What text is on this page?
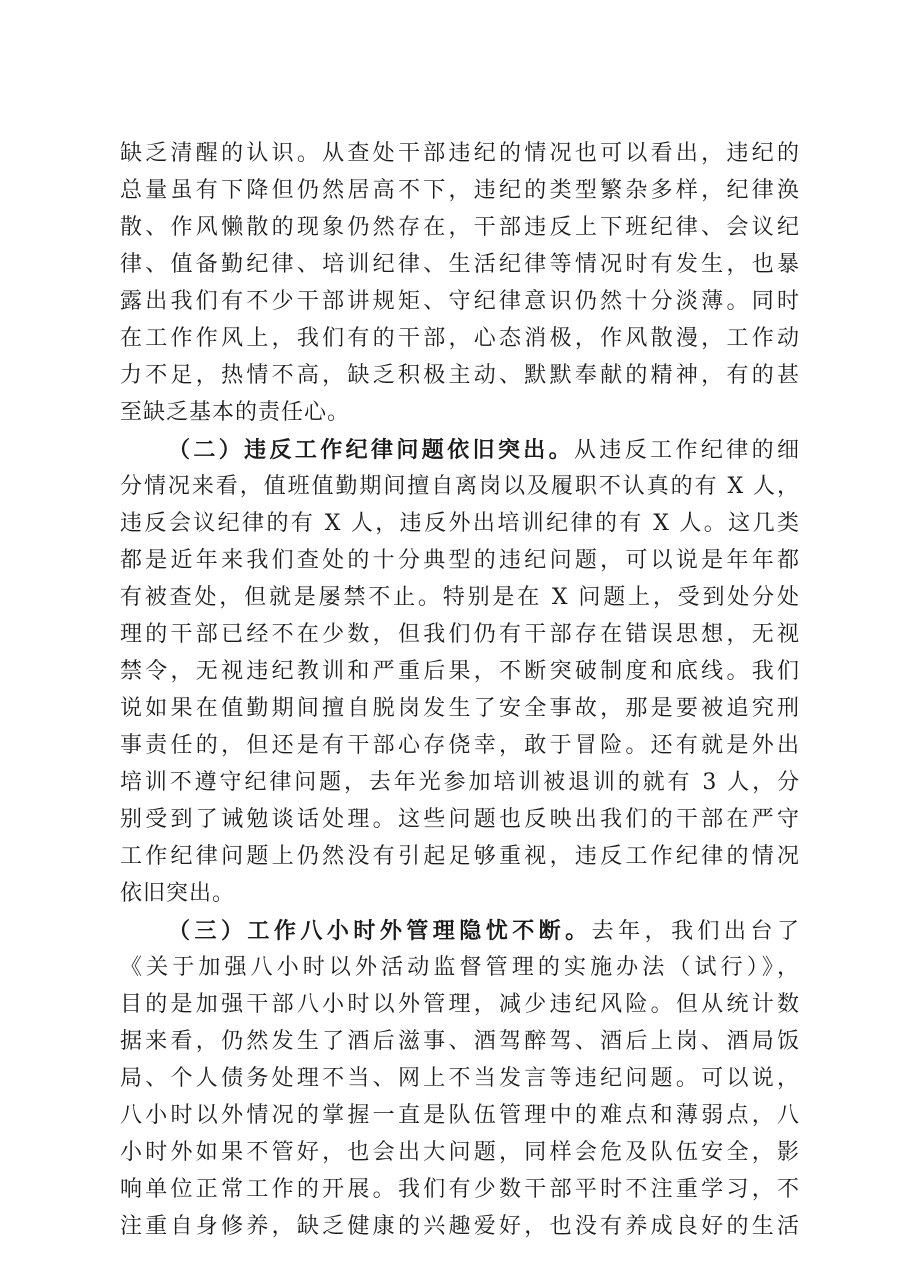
缺乏清醒的认识。从查处干部违纪的情况也可以看出，违纪的
总量虽有下降但仍然居高不下，违纪的类型繁杂多样，纪律涣
散、作风懒散的现象仍然存在，干部违反上下班纪律、会议纪
律、值备勤纪律、培训纪律、生活纪律等情况时有发生，也暴
露出我们有不少干部讲规矩、守纪律意识仍然十分淡薄。同时
在工作作风上，我们有的干部，心态消极，作风散漫，工作动
力不足，热情不高，缺乏积极主动、默默奉献的精神，有的甚
至缺乏基本的责任心。
（二）违反工作纪律问题依旧突出。从违反工作纪律的细
分情况来看，值班值勤期间擅自离岗以及履职不认真的有 X 人，
违反会议纪律的有 X 人，违反外出培训纪律的有 X 人。这几类
都是近年来我们查处的十分典型的违纪问题，可以说是年年都
有被查处，但就是屡禁不止。特别是在 X 问题上，受到处分处
理的干部已经不在少数，但我们仍有干部存在错误思想，无视
禁令，无视违纪教训和严重后果，不断突破制度和底线。我们
说如果在值勤期间擅自脱岗发生了安全事故，那是要被追究刑
事责任的，但还是有干部心存侥幸，敢于冒险。还有就是外出
培训不遵守纪律问题，去年光参加培训被退训的就有 3 人，分
别受到了诫勉谈话处理。这些问题也反映出我们的干部在严守
工作纪律问题上仍然没有引起足够重视，违反工作纪律的情况
依旧突出。
（三）工作八小时外管理隐忧不断。去年，我们出台了
《关于加强八小时以外活动监督管理的实施办法（试行）》，
目的是加强干部八小时以外管理，减少违纪风险。但从统计数
据来看，仍然发生了酒后滋事、酒驾醉驾、酒后上岗、酒局饭
局、个人债务处理不当、网上不当发言等违纪问题。可以说，
八小时以外情况的掌握一直是队伍管理中的难点和薄弱点，八
小时外如果不管好，也会出大问题，同样会危及队伍安全，影
响单位正常工作的开展。我们有少数干部平时不注重学习，不
注重自身修养，缺乏健康的兴趣爱好，也没有养成良好的生活
